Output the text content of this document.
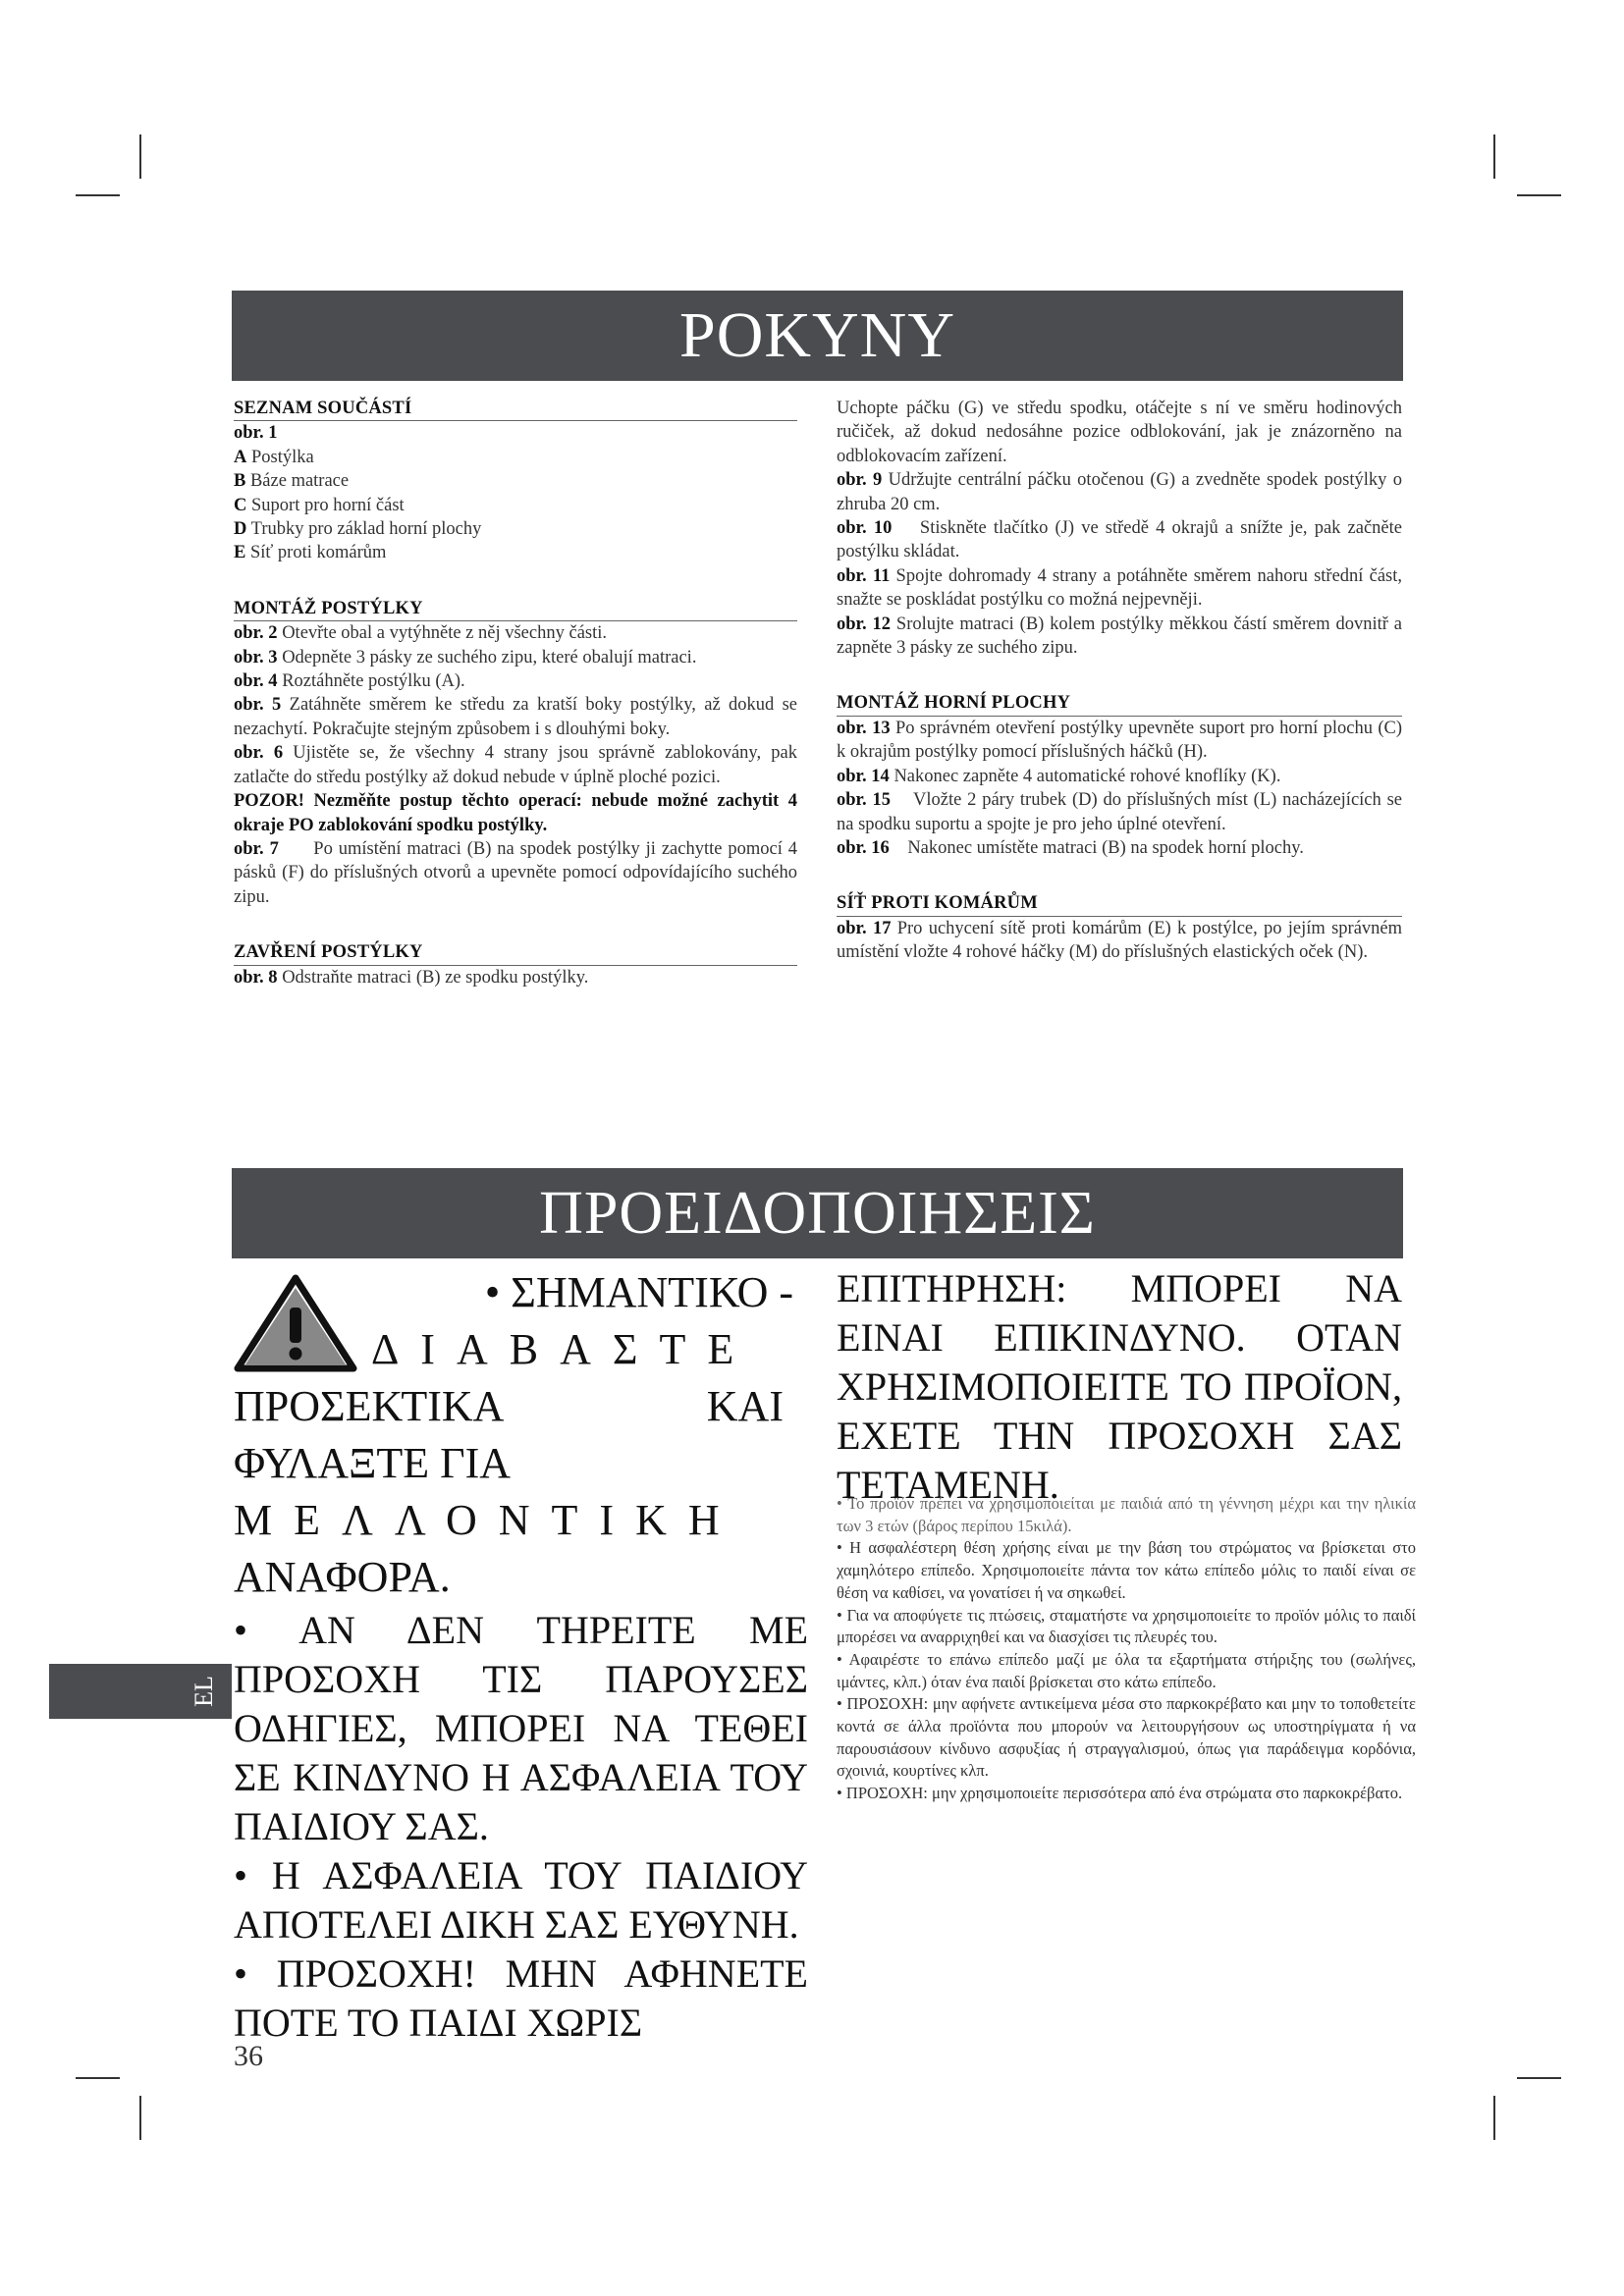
POKYNY

SEZNAM SOUČÁSTÍ

obr. 1

A Postýlka

B Báze matrace

C Suport pro horní část

D Trubky pro základ horní plochy

E Síť proti komárům

MONTÁŽ POSTÝLKY

obr. 2 Otevřte obal a vytýhněte z něj všechny části.

obr. 3 Odepněte 3 pásky ze suchého zipu, které obalují matraci.

obr. 4 Roztáhněte postýlku (A).

obr. 5 Zatáhněte směrem ke středu za kratší boky postýlky, až dokud se nezachytí. Pokračujte stejným způsobem i s dlouhými boky.

obr. 6 Ujistěte se, že všechny 4 strany jsou správně zablokovány, pak zatlačte do středu postýlky až dokud nebude v úplně ploché pozici.

POZOR! Nezměňte postup těchto operací: nebude možné zachytit 4 okraje PO zablokování spodku postýlky.

obr. 7 Po umístění matraci (B) na spodek postýlky ji zachytte pomocí 4 pásků (F) do příslušných otvorů a upevněte pomocí odpovídajícího suchého zipu.

ZAVŘENÍ POSTÝLKY

obr. 8 Odstraňte matraci (B) ze spodku postýlky.

Uchopte páčku (G) ve středu spodku, otáčejte s ní ve směru hodinových ručiček, až dokud nedosáhne pozice odblokování, jak je znázorněno na odblokovacím zařízení.

obr. 9 Udržujte centrální páčku otočenou (G) a zvedněte spodek postýlky o zhruba 20 cm.

obr. 10 Stiskněte tlačítko (J) ve středě 4 okrajů a snížte je, pak začněte postýlku skládat.

obr. 11 Spojte dohromady 4 strany a potáhněte směrem nahoru střední část, snažte se poskládat postýlku co možná nejpevněji.

obr. 12 Srolujte matraci (B) kolem postýlky měkkou částí směrem dovnitř a zapněte 3 pásky ze suchého zipu.

MONTÁŽ HORNÍ PLOCHY

obr. 13 Po správném otevření postýlky upevněte suport pro horní plochu (C) k okrajům postýlky pomocí příslušných háčků (H).

obr. 14 Nakonec zapněte 4 automatické rohové knoflíky (K).

obr. 15 Vložte 2 páry trubek (D) do příslušných míst (L) nacházejících se na spodku suportu a spojte je pro jeho úplné otevření.

obr. 16 Nakonec umístěte matraci (B) na spodek horní plochy.

SÍŤ PROTI KOMÁRŮM

obr. 17 Pro uchycení sítě proti komárům (E) k postýlce, po jejím správném umístění vložte 4 rohové háčky (M) do příslušných elastických oček (N).

ΠΡΟΕΙΔΟΠΟΙΗΣΕΙΣ

• ΣΗΜΑΝΤΙΚΟ -

ΔΙΑΒΑΣΤΕ

ΠΡΟΣΕΚΤΙΚΑ ΚΑΙ ΦΥΛΑΞΤΕ ΓΙΑ

ΜΕΛΛΟΝΤΙΚΗ

ΑΝΑΦΟΡΑ.

• ΑΝ ΔΕΝ ΤΗΡΕΙΤΕ ΜΕ ΠΡΟΣΟΧΗ ΤΙΣ ΠΑΡΟΥΣΕΣ ΟΔΗΓΙΕΣ, ΜΠΟΡΕΙ ΝΑ ΤΕΘΕΙ ΣΕ ΚΙΝΔΥΝΟ Η ΑΣΦΑΛΕΙΑ ΤΟΥ ΠΑΙΔΙΟΥ ΣΑΣ.

• Η ΑΣΦΑΛΕΙΑ ΤΟΥ ΠΑΙΔΙΟΥ ΑΠΟΤΕΛΕΙ ΔΙΚΗ ΣΑΣ ΕΥΘΥΝΗ.

• ΠΡΟΣΟΧΗ! ΜΗΝ ΑΦΗΝΕΤΕ ΠΟΤΕ ΤΟ ΠΑΙΔΙ ΧΩΡΙΣ

ΕΠΙΤΗΡΗΣΗ: ΜΠΟΡΕΙ ΝΑ ΕΙΝΑΙ ΕΠΙΚΙΝΔΥΝΟ. ΟΤΑΝ ΧΡΗΣΙΜΟΠΟΙΕΙΤΕ ΤΟ ΠΡΟΪΟΝ, ΕΧΕΤΕ ΤΗΝ ΠΡΟΣΟΧΗ ΣΑΣ ΤΕΤΑΜΕΝΗ.

• Το προϊόν πρέπει να χρησιμοποιείται με παιδιά από τη γέννηση μέχρι και την ηλικία των 3 ετών (βάρος περίπου 15κιλά).

• Η ασφαλέστερη θέση χρήσης είναι με την βάση του στρώματος να βρίσκεται στο χαμηλότερο επίπεδο. Χρησιμοποιείτε πάντα τον κάτω επίπεδο μόλις το παιδί είναι σε θέση να καθίσει, να γονατίσει ή να σηκωθεί.

• Για να αποφύγετε τις πτώσεις, σταματήστε να χρησιμοποιείτε το προϊόν μόλις το παιδί μπορέσει να αναρριχηθεί και να διασχίσει τις πλευρές του.

• Αφαιρέστε το επάνω επίπεδο μαζί με όλα τα εξαρτήματα στήριξης του (σωλήνες, ιμάντες, κλπ.) όταν ένα παιδί βρίσκεται στο κάτω επίπεδο.

• ΠΡΟΣΟΧΗ: μην αφήνετε αντικείμενα μέσα στο παρκοκρέβατο και μην το τοποθετείτε κοντά σε άλλα προϊόντα που μπορούν να λειτουργήσουν ως υποστηρίγματα ή να παρουσιάσουν κίνδυνο ασφυξίας ή στραγγαλισμού, όπως για παράδειγμα κορδόνια, σχοινιά, κουρτίνες κλπ.

• ΠΡΟΣΟΧΗ: μην χρησιμοποιείτε περισσότερα από ένα στρώματα στο παρκοκρέβατο.

EL
36
